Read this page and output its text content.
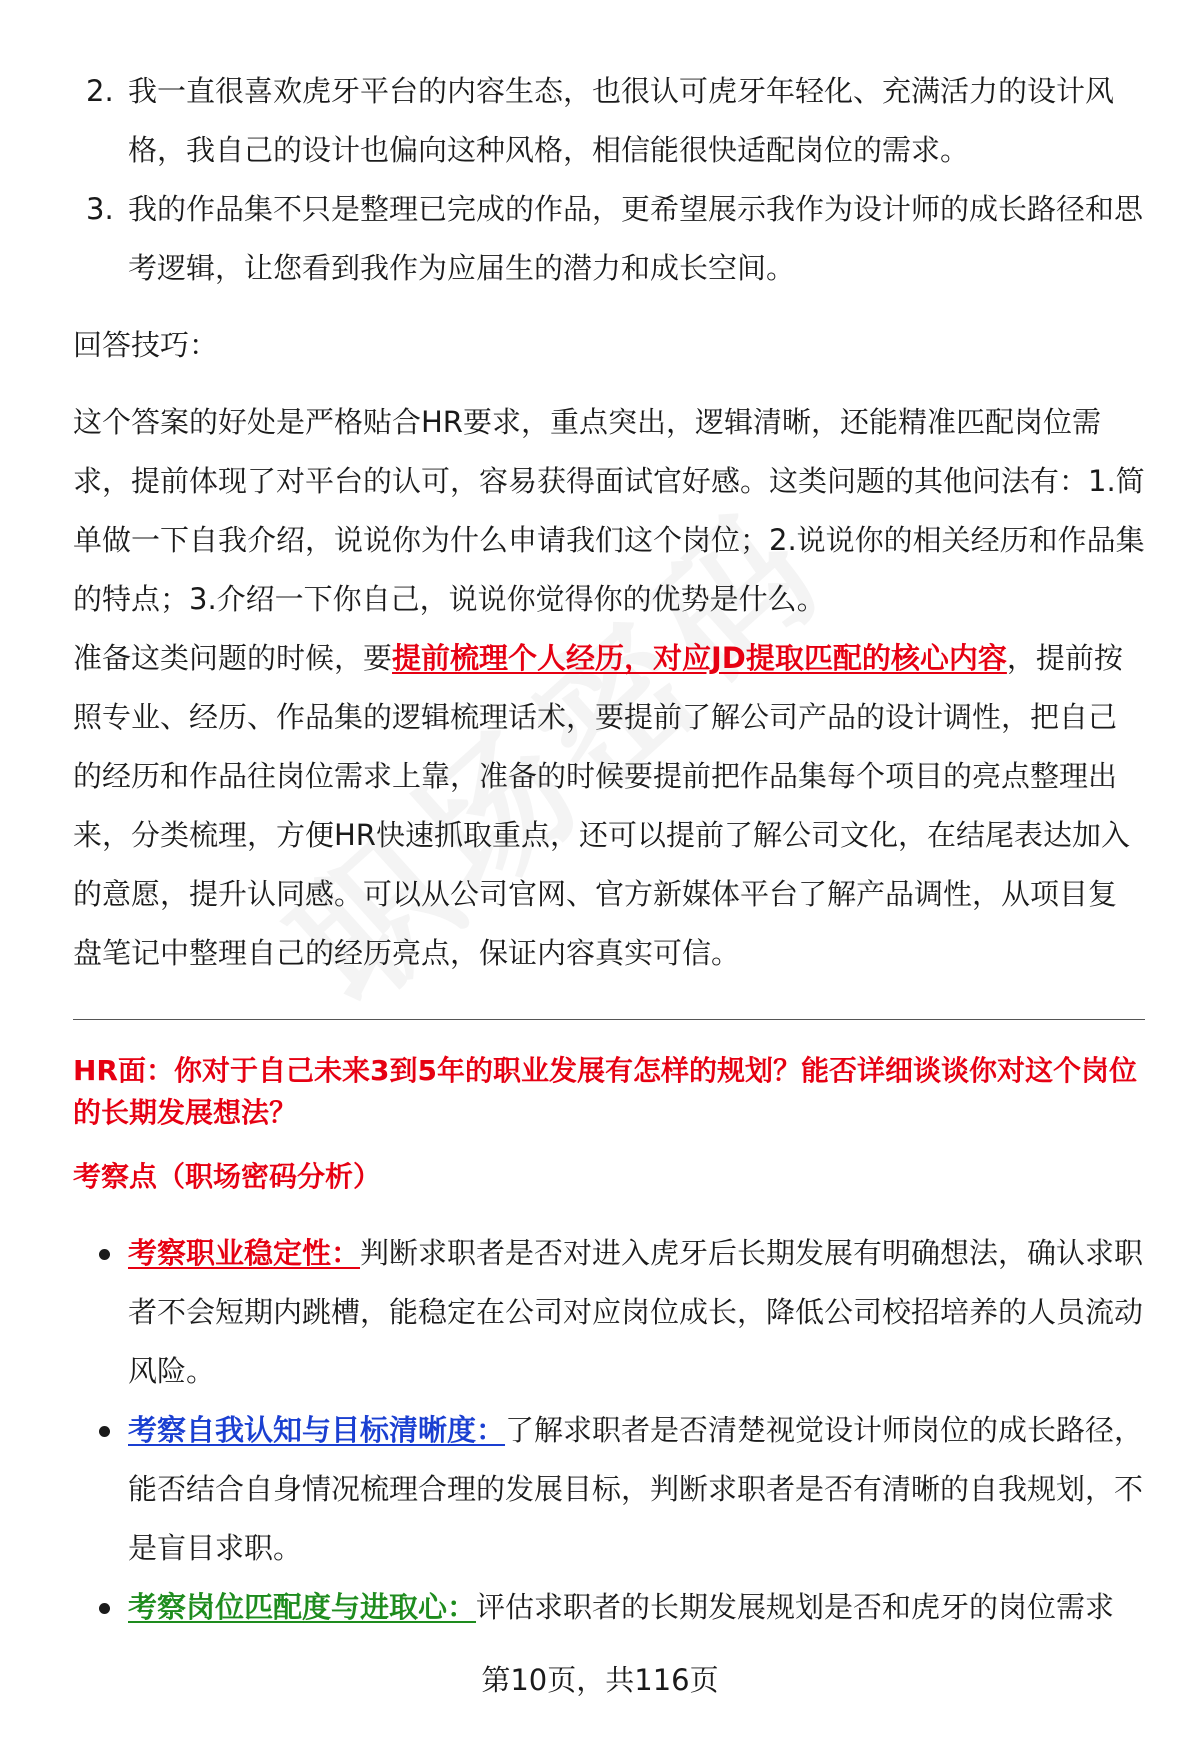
2. 我一直很喜欢虎牙平台的内容生态，也很认可虎牙年轻化、充满活力的设计风格，我自己的设计也偏向这种风格，相信能很快适配岗位的需求。
3. 我的作品集不只是整理已完成的作品，更希望展示我作为设计师的成长路径和思考逻辑，让您看到我作为应届生的潜力和成长空间。
回答技巧：

这个答案的好处是严格贴合HR要求，重点突出，逻辑清晰，还能精准匹配岗位需求，提前体现了对平台的认可，容易获得面试官好感。这类问题的其他问法有：1.简单做一下自我介绍，说说你为什么申请我们这个岗位；2.说说你的相关经历和作品集的特点；3.介绍一下你自己，说说你觉得你的优势是什么。

准备这类问题的时候，要提前梳理个人经历，对应JD提取匹配的核心内容，提前按照专业、经历、作品集的逻辑梳理话术，要提前了解公司产品的设计调性，把自己的经历和作品往岗位需求上靠，准备的时候要提前把作品集每个项目的亮点整理出来，分类梳理，方便HR快速抓取重点，还可以提前了解公司文化，在结尾表达加入的意愿，提升认同感。可以从公司官网、官方新媒体平台了解产品调性，从项目复盘笔记中整理自己的经历亮点，保证内容真实可信。

HR面：你对于自己未来3到5年的职业发展有怎样的规划？能否详细谈谈你对这个岗位的长期发展想法？
考察点（职场密码分析）
考察职业稳定性：判断求职者是否对进入虎牙后长期发展有明确想法，确认求职者不会短期内跳槽，能稳定在公司对应岗位成长，降低公司校招培养的人员流动风险。
考察自我认知与目标清晰度：了解求职者是否清楚视觉设计师岗位的成长路径，能否结合自身情况梳理合理的发展目标，判断求职者是否有清晰的自我规划，不是盲目求职。
考察岗位匹配度与进取心：评估求职者的长期发展规划是否和虎牙的岗位需求
第10页，共116页
